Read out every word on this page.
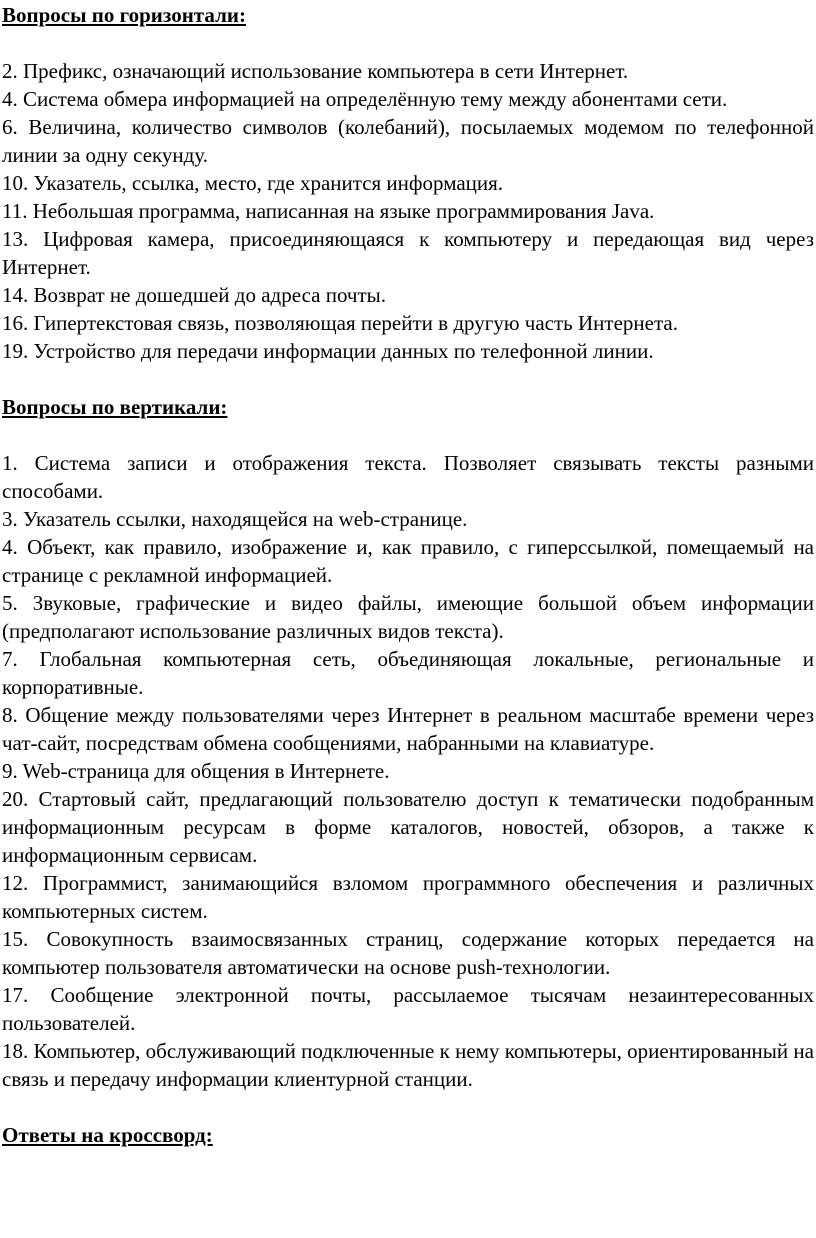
Вопросы по горизонтали:

2. Префикс, означающий использование компьютера в сети Интернет.

4. Система обмера информацией на определённую тему между абонентами сети.

6. Величина, количество символов (колебаний), посылаемых модемом по телефонной линии за одну секунду.

10. Указатель, ссылка, место, где хранится информация.

11. Небольшая программа, написанная на языке программирования Java.

13. Цифровая камера, присоединяющаяся к компьютеру и передающая вид через Интернет.

14. Возврат не дошедшей до адреса почты.

16. Гипертекстовая связь, позволяющая перейти в другую часть Интернета.

19. Устройство для передачи информации данных по телефонной линии.

Вопросы по вертикали:

1. Система записи и отображения текста. Позволяет связывать тексты разными способами.

3. Указатель ссылки, находящейся на web-странице.

4. Объект, как правило, изображение и, как правило, с гиперссылкой, помещаемый на странице с рекламной информацией.

5. Звуковые, графические и видео файлы, имеющие большой объем информации (предполагают использование различных видов текста).

7. Глобальная компьютерная сеть, объединяющая локальные, региональные и корпоративные.

8. Общение между пользователями через Интернет в реальном масштабе времени через чат-сайт, посредствам обмена сообщениями, набранными на клавиатуре.

9. Web-страница для общения в Интернете.

20. Стартовый сайт, предлагающий пользователю доступ к тематически подобранным информационным ресурсам в форме каталогов, новостей, обзоров, а также к информационным сервисам.

12. Программист, занимающийся взломом программного обеспечения и различных компьютерных систем.

15. Совокупность взаимосвязанных страниц, содержание которых передается на компьютер пользователя автоматически на основе push-технологии.

17. Сообщение электронной почты, рассылаемое тысячам незаинтересованных пользователей.

18. Компьютер, обслуживающий подключенные к нему компьютеры, ориентированный на связь и передачу информации клиентурной станции.

Ответы на кроссворд:
